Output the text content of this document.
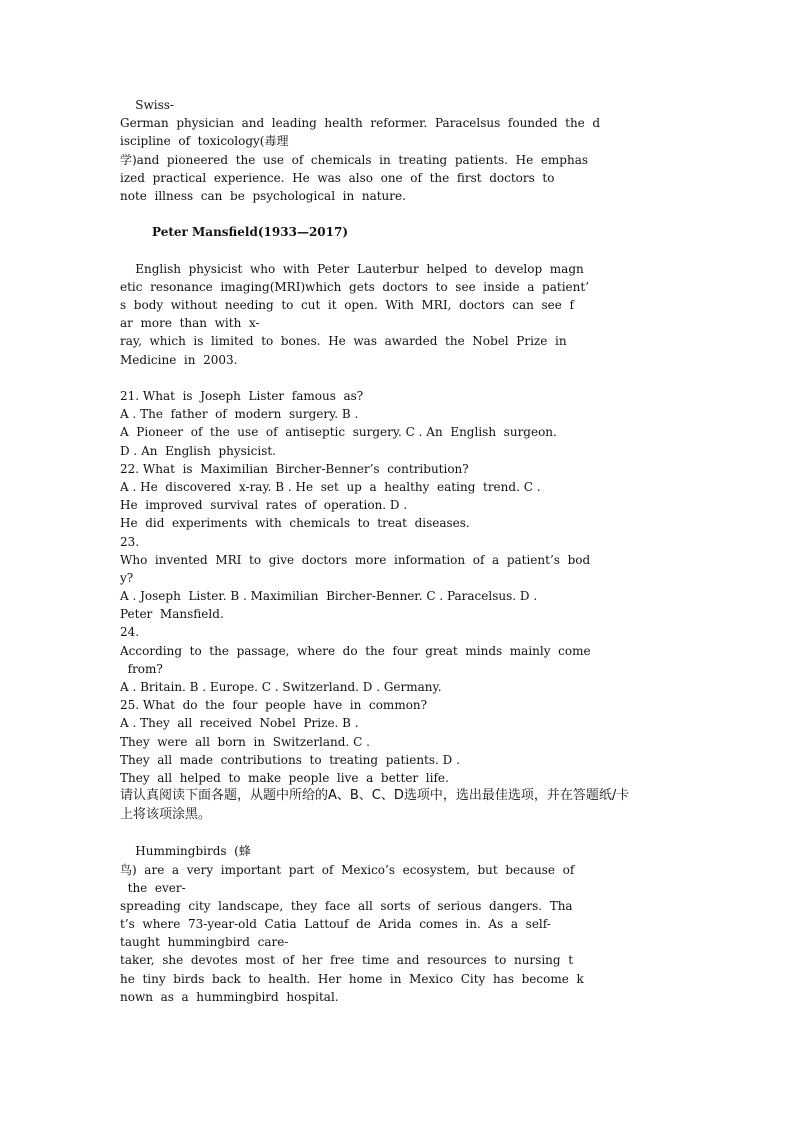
Swiss-
German  physician  and  leading  health  reformer.  Paracelsus  founded  the  d
iscipline  of  toxicology(毒理
学)and  pioneered  the  use  of  chemicals  in  treating  patients.  He  emphas
ized  practical  experience.  He  was  also  one  of  the  first  doctors  to
note  illness  can  be  psychological  in  nature.
Peter Mansfield(1933—2017)
English  physicist  who  with  Peter  Lauterbur  helped  to  develop  magn
etic  resonance  imaging(MRI)which  gets  doctors  to  see  inside  a  patient’
s  body  without  needing  to  cut  it  open.  With  MRI,  doctors  can  see  f
ar  more  than  with  x-
ray,  which  is  limited  to  bones.  He  was  awarded  the  Nobel  Prize  in
Medicine  in  2003.
21. What  is  Joseph  Lister  famous  as?
A . The  father  of  modern  surgery. B .
A  Pioneer  of  the  use  of  antiseptic  surgery. C . An  English  surgeon.
D . An  English  physicist.
22. What  is  Maximilian  Bircher-Benner’s  contribution?
A . He  discovered  x-ray. B . He  set  up  a  healthy  eating  trend. C .
He  improved  survival  rates  of  operation. D .
He  did  experiments  with  chemicals  to  treat  diseases.
23.
Who  invented  MRI  to  give  doctors  more  information  of  a  patient’s  bod
y?
A . Joseph  Lister. B . Maximilian  Bircher-Benner. C . Paracelsus. D .
Peter  Mansfield.
24.
According  to  the  passage,  where  do  the  four  great  minds  mainly  come
from?
A . Britain. B . Europe. C . Switzerland. D . Germany.
25. What  do  the  four  people  have  in  common?
A . They  all  received  Nobel  Prize. B .
They  were  all  born  in  Switzerland. C .
They  all  made  contributions  to  treating  patients. D .
They  all  helped  to  make  people  live  a  better  life.
请认真阅读下面各题，从题中所给的A、B、C、D选项中，选出最佳选项，并在答题纸/卡
上将该项涂黑。
Hummingbirds  (蜂
鸟)  are  a  very  important  part  of  Mexico’s  ecosystem,  but  because  of
the  ever-
spreading  city  landscape,  they  face  all  sorts  of  serious  dangers.  Tha
t’s  where  73-year-old  Catia  Lattouf  de  Arida  comes  in.  As  a  self-
taught  hummingbird  care-
taker,  she  devotes  most  of  her  free  time  and  resources  to  nursing  t
he  tiny  birds  back  to  health.  Her  home  in  Mexico  City  has  become  k
nown  as  a  hummingbird  hospital.
